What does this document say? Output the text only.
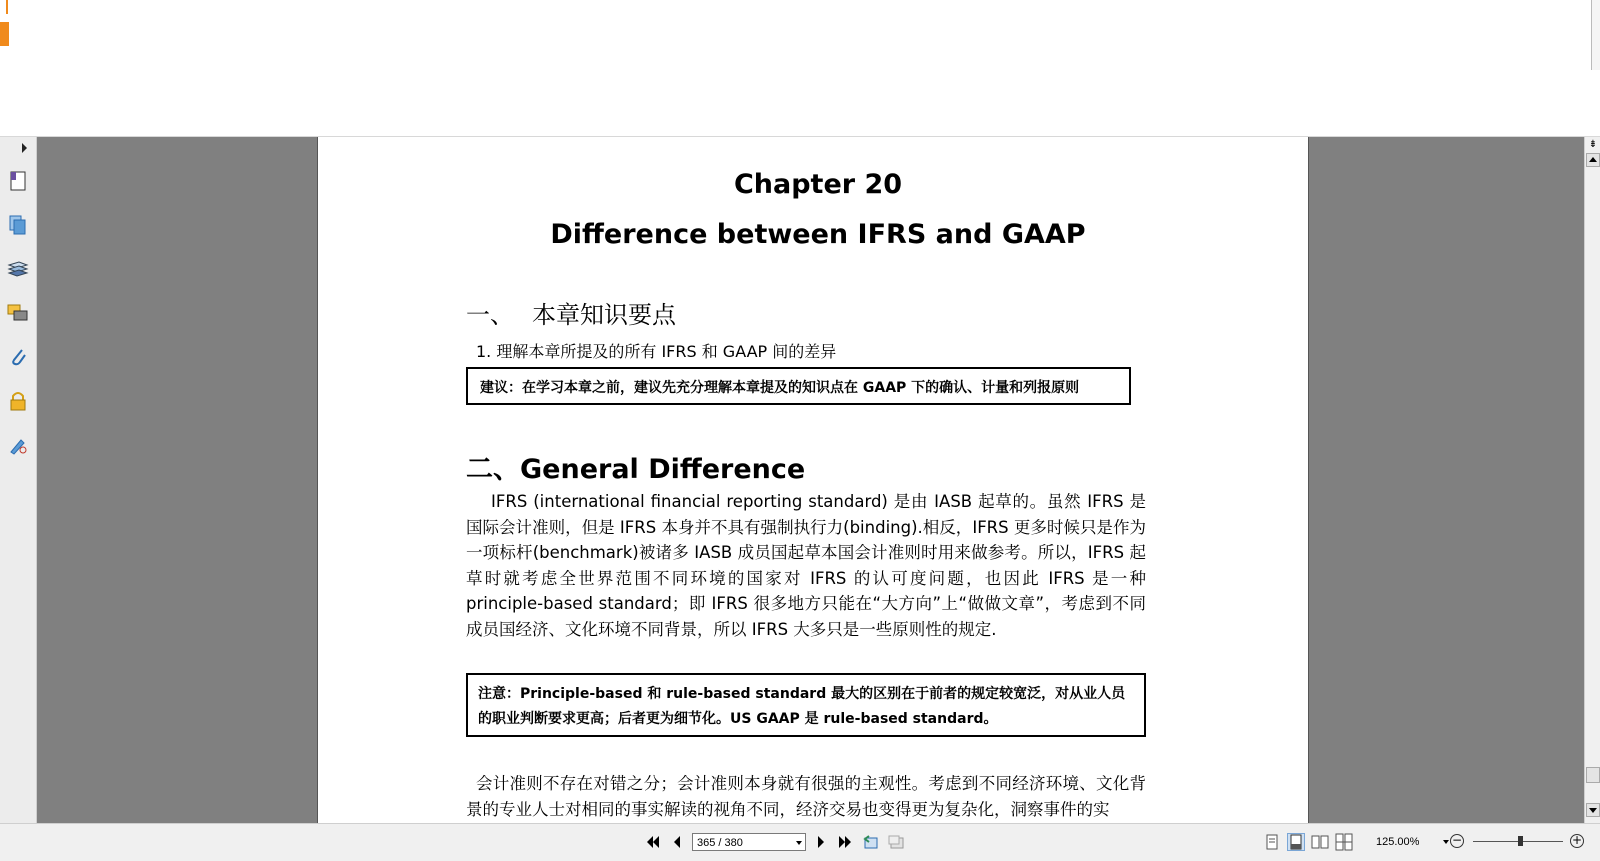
Chapter 20
Difference between IFRS and GAAP
一、 本章知识要点
1. 理解本章所提及的所有 IFRS 和 GAAP 间的差异
建议：在学习本章之前，建议先充分理解本章提及的知识点在 GAAP 下的确认、计量和列报原则
二、General Difference
IFRS (international financial reporting standard) 是由 IASB 起草的。虽然 IFRS 是国际会计准则，但是 IFRS 本身并不具有强制执行力(binding).相反，IFRS 更多时候只是作为一项标杆(benchmark)被诸多 IASB 成员国起草本国会计准则时用来做参考。所以，IFRS 起草时就考虑全世界范围不同环境的国家对 IFRS 的认可度问题，也因此 IFRS 是一种 principle-based standard；即 IFRS 很多地方只能在“大方向”上“做做文章”，考虑到不同成员国经济、文化环境不同背景，所以 IFRS 大多只是一些原则性的规定.
注意：Principle-based 和 rule-based standard 最大的区别在于前者的规定较宽泛，对从业人员的职业判断要求更高；后者更为细节化。US GAAP 是 rule-based standard。
会计准则不存在对错之分；会计准则本身就有很强的主观性。考虑到不同经济环境、文化背景的专业人士对相同的事实解读的视角不同，经济交易也变得更为复杂化，洞察事件的实
⇟
365 / 380	125.00%	−	+
